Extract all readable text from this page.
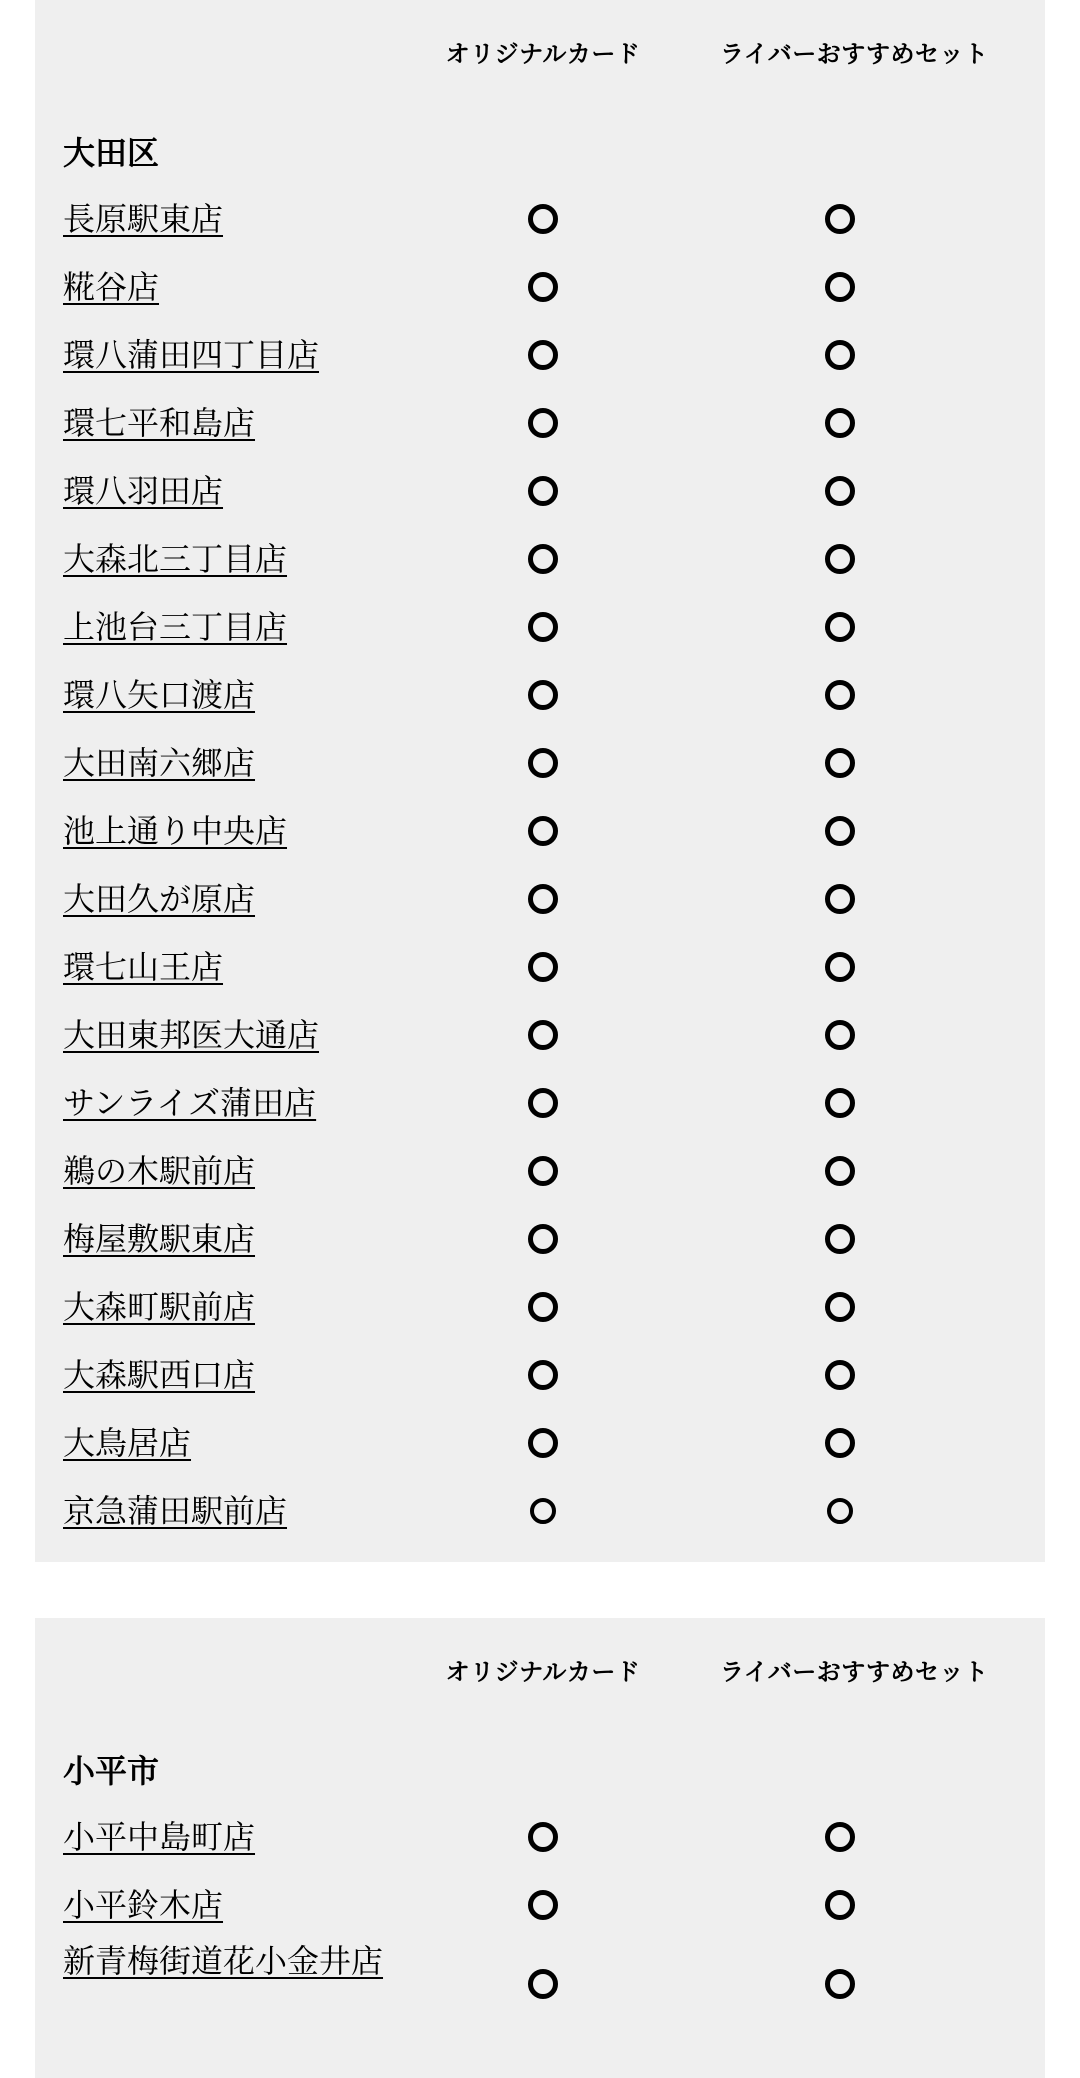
オリジナルカード	ライバーおすすめセット
大田区
長原駅東店
糀谷店
環八蒲田四丁目店
環七平和島店
環八羽田店
大森北三丁目店
上池台三丁目店
環八矢口渡店
大田南六郷店
池上通り中央店
大田久が原店
環七山王店
大田東邦医大通店
サンライズ蒲田店
鵜の木駅前店
梅屋敷駅東店
大森町駅前店
大森駅西口店
大鳥居店
京急蒲田駅前店
オリジナルカード	ライバーおすすめセット
小平市
小平中島町店
小平鈴木店
新青梅街道花小金井店
